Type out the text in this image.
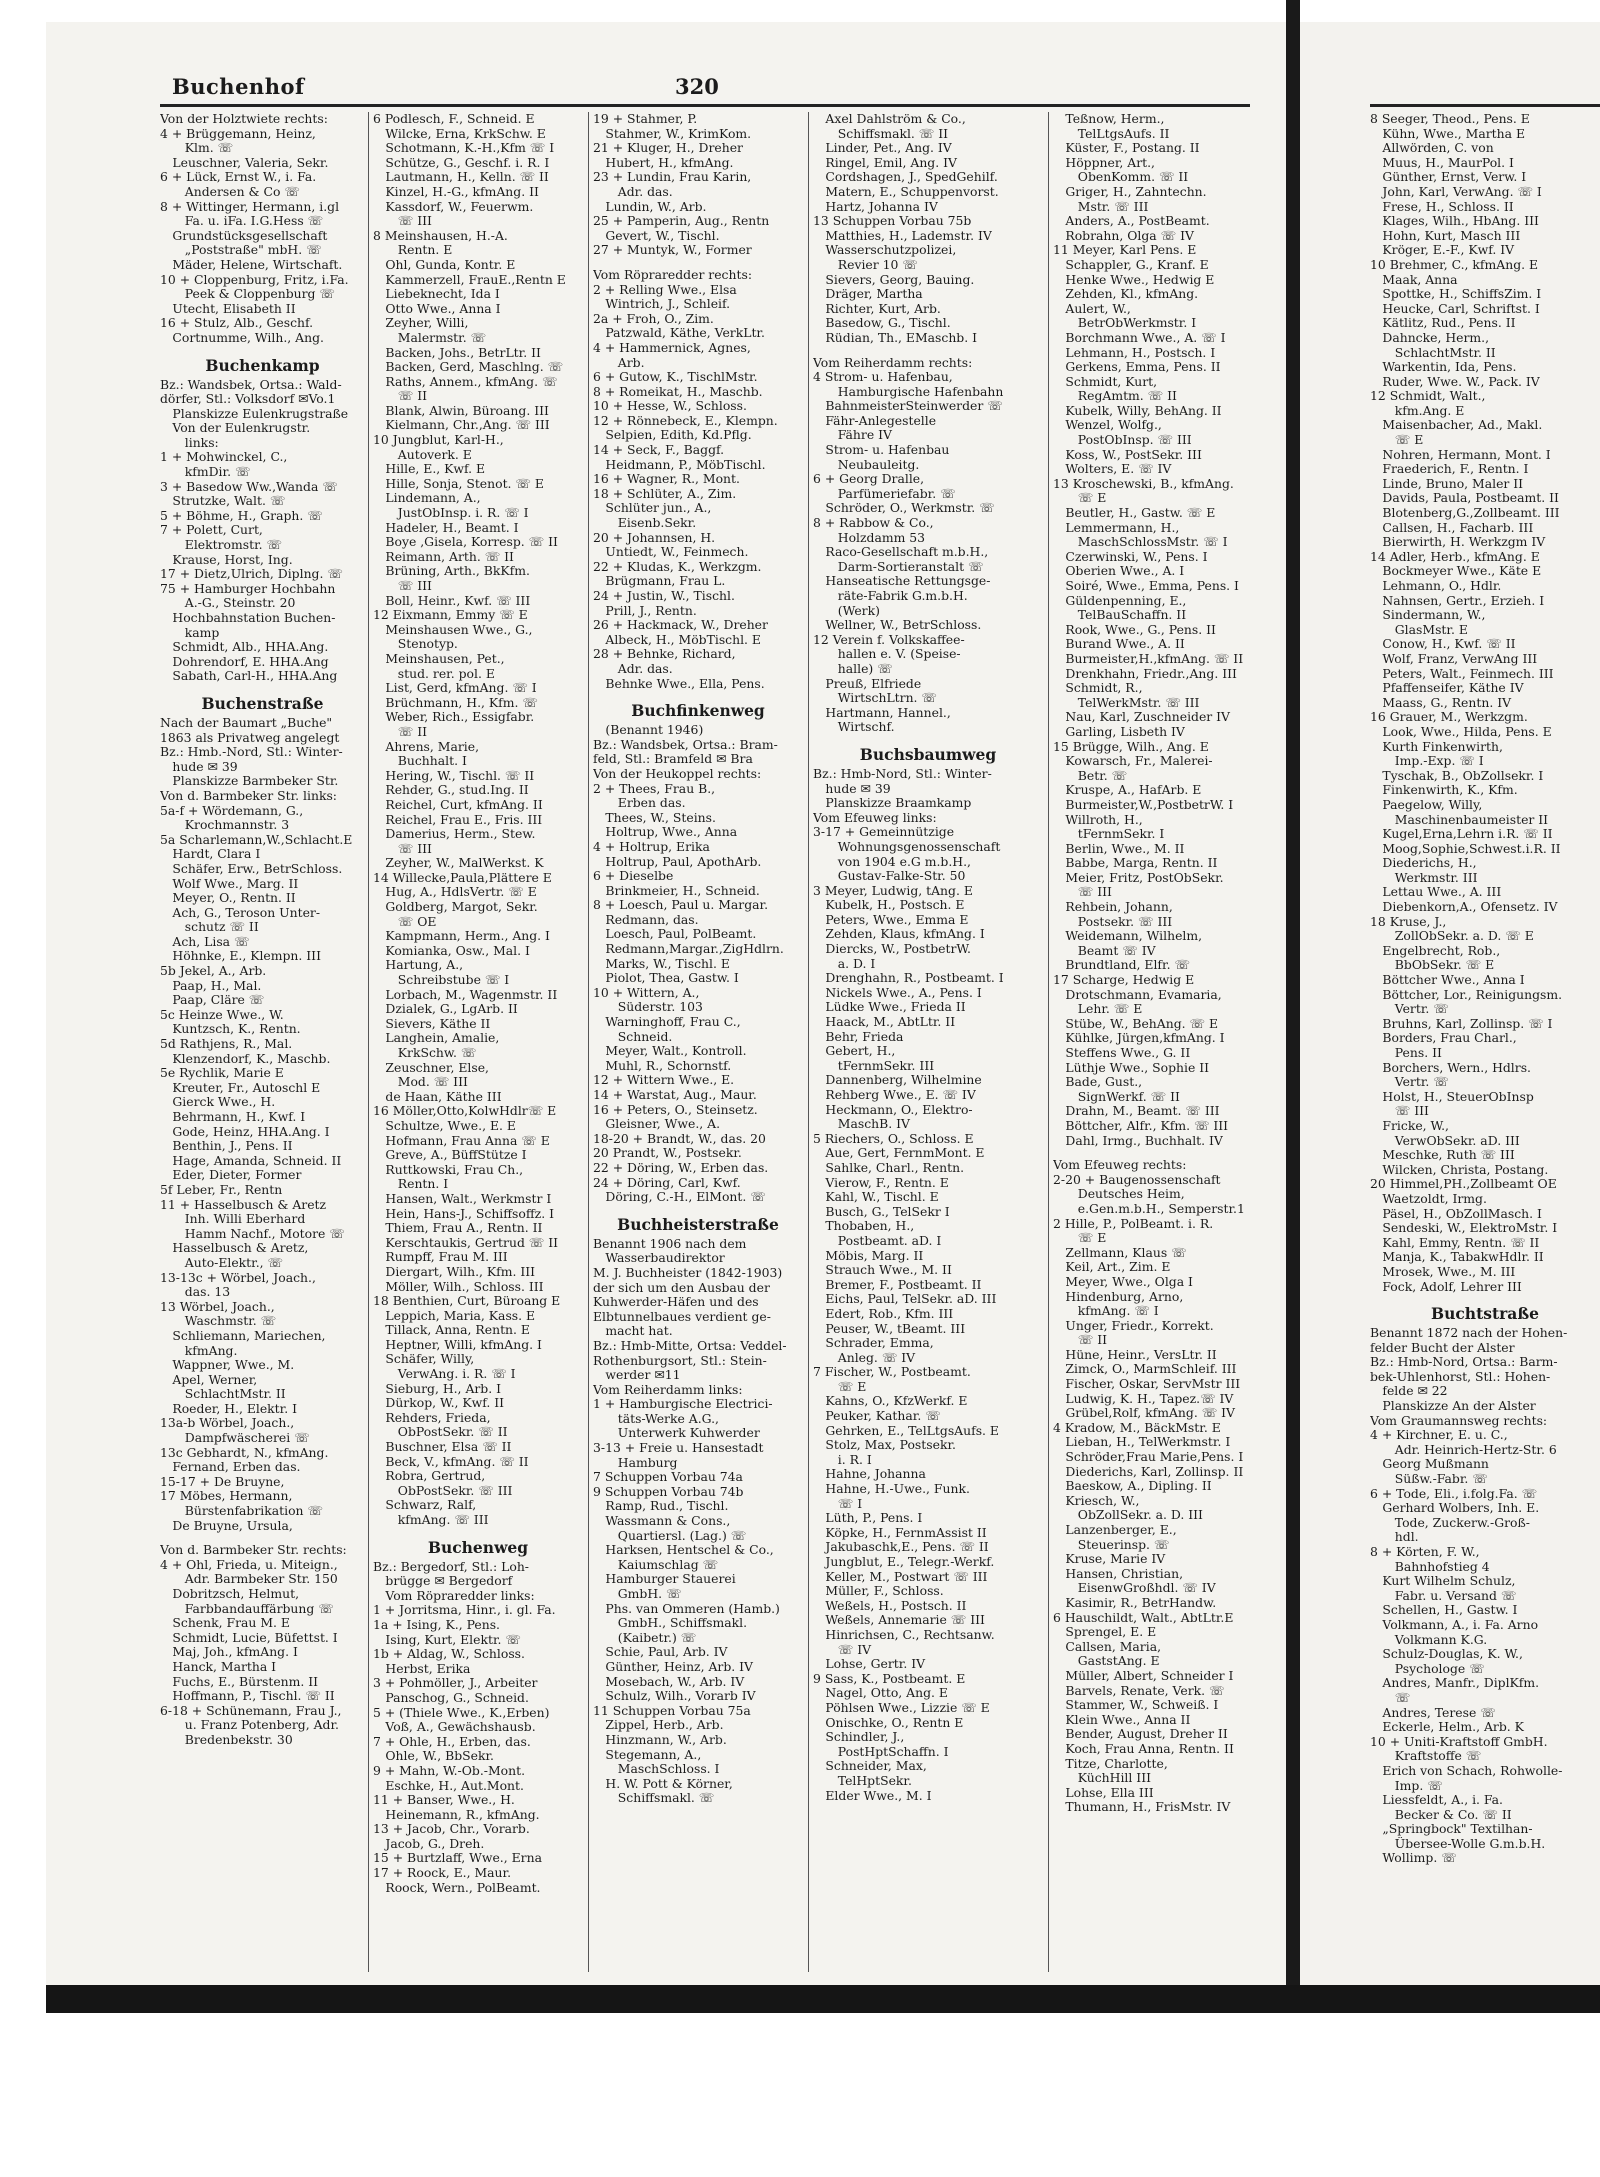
Buchenhof	320
Von der Holztwiete rechts:
4 + Brüggemann, Heinz,
  Klm. ☏
 Leuschner, Valeria, Sekr.
6 + Lück, Ernst W., i. Fa.
  Andersen & Co ☏
8 + Wittinger, Hermann, i.gl
  Fa. u. iFa. I.G.Hess ☏
 Grundstücksgesellschaft
  „Poststraße" mbH. ☏
 Mäder, Helene, Wirtschaft.
10 + Cloppenburg, Fritz, i.Fa.
  Peek & Cloppenburg ☏
 Utecht, Elisabeth II
16 + Stulz, Alb., Geschf.
 Cortnumme, Wilh., Ang.
Buchenkamp
Bz.: Wandsbek, Ortsa.: Wald-
dörfer, Stl.: Volksdorf ✉Vo.1
 Planskizze Eulenkrugstraße
 Von der Eulenkrugstr.
  links:
1 + Mohwinckel, C.,
  kfmDir. ☏
3 + Basedow Ww.,Wanda ☏
 Strutzke, Walt. ☏
5 + Böhme, H., Graph. ☏
7 + Polett, Curt,
  Elektromstr. ☏
 Krause, Horst, Ing.
17 + Dietz,Ulrich, Diplng. ☏
75 + Hamburger Hochbahn
  A.-G., Steinstr. 20
 Hochbahnstation Buchen-
  kamp
 Schmidt, Alb., HHA.Ang.
 Dohrendorf, E. HHA.Ang
 Sabath, Carl-H., HHA.Ang
Buchenstraße
Nach der Baumart „Buche"
1863 als Privatweg angelegt
Bz.: Hmb.-Nord, Stl.: Winter-
 hude ✉ 39
 Planskizze Barmbeker Str.
Von d. Barmbeker Str. links:
5a-f + Wördemann, G.,
  Krochmannstr. 3
5a Scharlemann,W.,Schlacht.E
 Hardt, Clara I
 Schäfer, Erw., BetrSchloss.
 Wolf Wwe., Marg. II
 Meyer, O., Rentn. II
 Ach, G., Teroson Unter-
  schutz ☏ II
 Ach, Lisa ☏
 Höhnke, E., Klempn. III
5b Jekel, A., Arb.
 Paap, H., Mal.
 Paap, Cläre ☏
5c Heinze Wwe., W.
 Kuntzsch, K., Rentn.
5d Rathjens, R., Mal.
 Klenzendorf, K., Maschb.
5e Rychlik, Marie E
 Kreuter, Fr., Autoschl E
 Gierck Wwe., H.
 Behrmann, H., Kwf. I
 Gode, Heinz, HHA.Ang. I
 Benthin, J., Pens. II
 Hage, Amanda, Schneid. II
 Eder, Dieter, Former
5f Leber, Fr., Rentn
11 + Hasselbusch & Aretz
  Inh. Willi Eberhard
  Hamm Nachf., Motore ☏
 Hasselbusch & Aretz,
  Auto-Elektr., ☏
13-13c + Wörbel, Joach.,
  das. 13
13 Wörbel, Joach.,
  Waschmstr. ☏
 Schliemann, Mariechen,
  kfmAng.
 Wappner, Wwe., M.
 Apel, Werner,
  SchlachtMstr. II
 Roeder, H., Elektr. I
13a-b Wörbel, Joach.,
  Dampfwäscherei ☏
13c Gebhardt, N., kfmAng.
 Fernand, Erben das.
15-17 + De Bruyne,
17 Möbes, Hermann,
  Bürstenfabrikation ☏
 De Bruyne, Ursula,
Von d. Barmbeker Str. rechts:
4 + Ohl, Frieda, u. Miteign.,
  Adr. Barmbeker Str. 150
 Dobritzsch, Helmut,
  Farbbandauffärbung ☏
 Schenk, Frau M. E
 Schmidt, Lucie, Büfettst. I
 Maj, Joh., kfmAng. I
 Hanck, Martha I
 Fuchs, E., Bürstenm. II
 Hoffmann, P., Tischl. ☏ II
6-18 + Schünemann, Frau J.,
  u. Franz Potenberg, Adr.
  Bredenbekstr. 30
6 Podlesch, F., Schneid. E
 Wilcke, Erna, KrkSchw. E
 Schotmann, K.-H.,Kfm ☏ I
 Schütze, G., Geschf. i. R. I
 Lautmann, H., Kelln. ☏ II
 Kinzel, H.-G., kfmAng. II
 Kassdorf, W., Feuerwm.
  ☏ III
8 Meinshausen, H.-A.
  Rentn. E
 Ohl, Gunda, Kontr. E
 Kammerzell, FrauE.,Rentn E
 Liebeknecht, Ida I
 Otto Wwe., Anna I
 Zeyher, Willi,
  Malermstr. ☏
 Backen, Johs., BetrLtr. II
 Backen, Gerd, Maschlng. ☏
 Raths, Annem., kfmAng. ☏
  ☏ II
 Blank, Alwin, Büroang. III
 Kielmann, Chr.,Ang. ☏ III
10 Jungblut, Karl-H.,
  Autoverk. E
 Hille, E., Kwf. E
 Hille, Sonja, Stenot. ☏ E
 Lindemann, A.,
  JustObInsp. i. R. ☏ I
 Hadeler, H., Beamt. I
 Boye ,Gisela, Korresp. ☏ II
 Reimann, Arth. ☏ II
 Brüning, Arth., BkKfm.
  ☏ III
 Boll, Heinr., Kwf. ☏ III
12 Eixmann, Emmy ☏ E
 Meinshausen Wwe., G.,
  Stenotyp.
 Meinshausen, Pet.,
  stud. rer. pol. E
 List, Gerd, kfmAng. ☏ I
 Brüchmann, H., Kfm. ☏
 Weber, Rich., Essigfabr.
  ☏ II
 Ahrens, Marie,
  Buchhalt. I
 Hering, W., Tischl. ☏ II
 Rehder, G., stud.Ing. II
 Reichel, Curt, kfmAng. II
 Reichel, Frau E., Fris. III
 Damerius, Herm., Stew.
  ☏ III
 Zeyher, W., MalWerkst. K
14 Willecke,Paula,Plättere E
 Hug, A., HdlsVertr. ☏ E
 Goldberg, Margot, Sekr.
  ☏ OE
 Kampmann, Herm., Ang. I
 Komianka, Osw., Mal. I
 Hartung, A.,
  Schreibstube ☏ I
 Lorbach, M., Wagenmstr. II
 Dzialek, G., LgArb. II
 Sievers, Käthe II
 Langhein, Amalie,
  KrkSchw. ☏
 Zeuschner, Else,
  Mod. ☏ III
 de Haan, Käthe III
16 Möller,Otto,KolwHdlr☏ E
 Schultze, Wwe., E. E
 Hofmann, Frau Anna ☏ E
 Greve, A., BüffStütze I
 Ruttkowski, Frau Ch.,
  Rentn. I
 Hansen, Walt., Werkmstr I
 Hein, Hans-J., Schiffsoffz. I
 Thiem, Frau A., Rentn. II
 Kerschtaukis, Gertrud ☏ II
 Rumpff, Frau M. III
 Diergart, Wilh., Kfm. III
 Möller, Wilh., Schloss. III
18 Benthien, Curt, Büroang E
 Leppich, Maria, Kass. E
 Tillack, Anna, Rentn. E
 Heptner, Willi, kfmAng. I
 Schäfer, Willy,
  VerwAng. i. R. ☏ I
 Sieburg, H., Arb. I
 Dürkop, W., Kwf. II
 Rehders, Frieda,
  ObPostSekr. ☏ II
 Buschner, Elsa ☏ II
 Beck, V., kfmAng. ☏ II
 Robra, Gertrud,
  ObPostSekr. ☏ III
 Schwarz, Ralf,
  kfmAng. ☏ III
Buchenweg
Bz.: Bergedorf, Stl.: Loh-
 brügge ✉ Bergedorf
 Vom Röpraredder links:
1 + Jorritsma, Hinr., i. gl. Fa.
1a + Ising, K., Pens.
 Ising, Kurt, Elektr. ☏
1b + Aldag, W., Schloss.
 Herbst, Erika
3 + Pohmöller, J., Arbeiter
 Panschog, G., Schneid.
5 + (Thiele Wwe., K.,Erben)
 Voß, A., Gewächshausb.
7 + Ohle, H., Erben, das.
 Ohle, W., BbSekr.
9 + Mahn, W.-Ob.-Mont.
 Eschke, H., Aut.Mont.
11 + Banser, Wwe., H.
 Heinemann, R., kfmAng.
13 + Jacob, Chr., Vorarb.
 Jacob, G., Dreh.
15 + Burtzlaff, Wwe., Erna
17 + Roock, E., Maur.
 Roock, Wern., PolBeamt.
19 + Stahmer, P.
 Stahmer, W., KrimKom.
21 + Kluger, H., Dreher
 Hubert, H., kfmAng.
23 + Lundin, Frau Karin,
  Adr. das.
 Lundin, W., Arb.
25 + Pamperin, Aug., Rentn
 Gevert, W., Tischl.
27 + Muntyk, W., Former
Vom Röpraredder rechts:
2 + Relling Wwe., Elsa
 Wintrich, J., Schleif.
2a + Froh, O., Zim.
 Patzwald, Käthe, VerkLtr.
4 + Hammernick, Agnes,
  Arb.
6 + Gutow, K., TischlMstr.
8 + Romeikat, H., Maschb.
10 + Hesse, W., Schloss.
12 + Rönnebeck, E., Klempn.
 Selpien, Edith, Kd.Pflg.
14 + Seck, F., Baggf.
 Heidmann, P., MöbTischl.
16 + Wagner, R., Mont.
18 + Schlüter, A., Zim.
 Schlüter jun., A.,
  Eisenb.Sekr.
20 + Johannsen, H.
 Untiedt, W., Feinmech.
22 + Kludas, K., Werkzgm.
 Brügmann, Frau L.
24 + Justin, W., Tischl.
 Prill, J., Rentn.
26 + Hackmack, W., Dreher
 Albeck, H., MöbTischl. E
28 + Behnke, Richard,
  Adr. das.
 Behnke Wwe., Ella, Pens.
Buchfinkenweg
 (Benannt 1946)
Bz.: Wandsbek, Ortsa.: Bram-
feld, Stl.: Bramfeld ✉ Bra
Von der Heukoppel rechts:
2 + Thees, Frau B.,
  Erben das.
 Thees, W., Steins.
 Holtrup, Wwe., Anna
4 + Holtrup, Erika
 Holtrup, Paul, ApothArb.
6 + Dieselbe
 Brinkmeier, H., Schneid.
8 + Loesch, Paul u. Margar.
 Redmann, das.
 Loesch, Paul, PolBeamt.
 Redmann,Margar.,ZigHdlrn.
 Marks, W., Tischl. E
 Piolot, Thea, Gastw. I
10 + Wittern, A.,
  Süderstr. 103
 Warninghoff, Frau C.,
  Schneid.
 Meyer, Walt., Kontroll.
 Muhl, R., Schornstf.
12 + Wittern Wwe., E.
14 + Warstat, Aug., Maur.
16 + Peters, O., Steinsetz.
 Gleisner, Wwe., A.
18-20 + Brandt, W., das. 20
20 Prandt, W., Postsekr.
22 + Döring, W., Erben das.
24 + Döring, Carl, Kwf.
 Döring, C.-H., ElMont. ☏
Buchheisterstraße
Benannt 1906 nach dem
 Wasserbaudirektor
M. J. Buchheister (1842-1903)
der sich um den Ausbau der
Kuhwerder-Häfen und des
Elbtunnelbaues verdient ge-
 macht hat.
Bz.: Hmb-Mitte, Ortsa: Veddel-
Rothenburgsort, Stl.: Stein-
 werder ✉11
Vom Reiherdamm links:
1 + Hamburgische Electrici-
  täts-Werke A.G.,
  Unterwerk Kuhwerder
3-13 + Freie u. Hansestadt
  Hamburg
7 Schuppen Vorbau 74a
9 Schuppen Vorbau 74b
 Ramp, Rud., Tischl.
 Wassmann & Cons.,
  Quartiersl. (Lag.) ☏
 Harksen, Hentschel & Co.,
  Kaiumschlag ☏
 Hamburger Stauerei
  GmbH. ☏
 Phs. van Ommeren (Hamb.)
  GmbH., Schiffsmakl.
  (Kaibetr.) ☏
 Schie, Paul, Arb. IV
 Günther, Heinz, Arb. IV
 Mosebach, W., Arb. IV
 Schulz, Wilh., Vorarb IV
11 Schuppen Vorbau 75a
 Zippel, Herb., Arb.
 Hinzmann, W., Arb.
 Stegemann, A.,
  MaschSchloss. I
 H. W. Pott & Körner,
  Schiffsmakl. ☏
 Axel Dahlström & Co.,
  Schiffsmakl. ☏ II
 Linder, Pet., Ang. IV
 Ringel, Emil, Ang. IV
 Cordshagen, J., SpedGehilf.
 Matern, E., Schuppenvorst.
 Hartz, Johanna IV
13 Schuppen Vorbau 75b
 Matthies, H., Lademstr. IV
 Wasserschutzpolizei,
  Revier 10 ☏
 Sievers, Georg, Bauing.
 Dräger, Martha
 Richter, Kurt, Arb.
 Basedow, G., Tischl.
 Rüdian, Th., EMaschb. I
Vom Reiherdamm rechts:
4 Strom- u. Hafenbau,
  Hamburgische Hafenbahn
 BahnmeisterSteinwerder ☏
 Fähr-Anlegestelle
  Fähre IV
 Strom- u. Hafenbau
  Neubauleitg.
6 + Georg Dralle,
  Parfümeriefabr. ☏
 Schröder, O., Werkmstr. ☏
8 + Rabbow & Co.,
  Holzdamm 53
 Raco-Gesellschaft m.b.H.,
  Darm-Sortieranstalt ☏
 Hanseatische Rettungsge-
  räte-Fabrik G.m.b.H.
  (Werk)
 Wellner, W., BetrSchloss.
12 Verein f. Volkskaffee-
  hallen e. V. (Speise-
  halle) ☏
 Preuß, Elfriede
  WirtschLtrn. ☏
 Hartmann, Hannel.,
  Wirtschf.
Buchsbaumweg
Bz.: Hmb-Nord, Stl.: Winter-
 hude ✉ 39
 Planskizze Braamkamp
Vom Efeuweg links:
3-17 + Gemeinnützige
  Wohnungsgenossenschaft
  von 1904 e.G m.b.H.,
  Gustav-Falke-Str. 50
3 Meyer, Ludwig, tAng. E
 Kubelk, H., Postsch. E
 Peters, Wwe., Emma E
 Zehden, Klaus, kfmAng. I
 Diercks, W., PostbetrW.
  a. D. I
 Drenghahn, R., Postbeamt. I
 Nickels Wwe., A., Pens. I
 Lüdke Wwe., Frieda II
 Haack, M., AbtLtr. II
 Behr, Frieda
 Gebert, H.,
  tFernmSekr. III
 Dannenberg, Wilhelmine
 Rehberg Wwe., E. ☏ IV
 Heckmann, O., Elektro-
  MaschB. IV
5 Riechers, O., Schloss. E
 Aue, Gert, FernmMont. E
 Sahlke, Charl., Rentn.
 Vierow, F., Rentn. E
 Kahl, W., Tischl. E
 Busch, G., TelSekr I
 Thobaben, H.,
  Postbeamt. aD. I
 Möbis, Marg. II
 Strauch Wwe., M. II
 Bremer, F., Postbeamt. II
 Eichs, Paul, TelSekr. aD. III
 Edert, Rob., Kfm. III
 Peuser, W., tBeamt. III
 Schrader, Emma,
  Anleg. ☏ IV
7 Fischer, W., Postbeamt.
  ☏ E
 Kahns, O., KfzWerkf. E
 Peuker, Kathar. ☏
 Gehrken, E., TelLtgsAufs. E
 Stolz, Max, Postsekr.
  i. R. I
 Hahne, Johanna
 Hahne, H.-Uwe., Funk.
  ☏ I
 Lüth, P., Pens. I
 Köpke, H., FernmAssist II
 Jakubaschk,E., Pens. ☏ II
 Jungblut, E., Telegr.-Werkf.
 Keller, M., Postwart ☏ III
 Müller, F., Schloss.
 Weßels, H., Postsch. II
 Weßels, Annemarie ☏ III
 Hinrichsen, C., Rechtsanw.
  ☏ IV
 Lohse, Gertr. IV
9 Sass, K., Postbeamt. E
 Nagel, Otto, Ang. E
 Pöhlsen Wwe., Lizzie ☏ E
 Onischke, O., Rentn E
 Schindler, J.,
  PostHptSchaffn. I
 Schneider, Max,
  TelHptSekr.
 Elder Wwe., M. I
 Teßnow, Herm.,
  TelLtgsAufs. II
 Küster, F., Postang. II
 Höppner, Art.,
  ObenKomm. ☏ II
 Griger, H., Zahntechn.
  Mstr. ☏ III
 Anders, A., PostBeamt.
 Robrahn, Olga ☏ IV
11 Meyer, Karl Pens. E
 Schappler, G., Kranf. E
 Henke Wwe., Hedwig E
 Zehden, Kl., kfmAng.
 Aulert, W.,
  BetrObWerkmstr. I
 Borchmann Wwe., A. ☏ I
 Lehmann, H., Postsch. I
 Gerkens, Emma, Pens. II
 Schmidt, Kurt,
  RegAmtm. ☏ II
 Kubelk, Willy, BehAng. II
 Wenzel, Wolfg.,
  PostObInsp. ☏ III
 Koss, W., PostSekr. III
 Wolters, E. ☏ IV
13 Kroschewski, B., kfmAng.
  ☏ E
 Beutler, H., Gastw. ☏ E
 Lemmermann, H.,
  MaschSchlossMstr. ☏ I
 Czerwinski, W., Pens. I
 Oberien Wwe., A. I
 Soiré, Wwe., Emma, Pens. I
 Güldenpenning, E.,
  TelBauSchaffn. II
 Rook, Wwe., G., Pens. II
 Burand Wwe., A. II
 Burmeister,H.,kfmAng. ☏ II
 Drenkhahn, Friedr.,Ang. III
 Schmidt, R.,
  TelWerkMstr. ☏ III
 Nau, Karl, Zuschneider IV
 Garling, Lisbeth IV
15 Brügge, Wilh., Ang. E
 Kowarsch, Fr., Malerei-
  Betr. ☏
 Kruspe, A., HafArb. E
 Burmeister,W.,PostbetrW. I
 Willroth, H.,
  tFernmSekr. I
 Berlin, Wwe., M. II
 Babbe, Marga, Rentn. II
 Meier, Fritz, PostObSekr.
  ☏ III
 Rehbein, Johann,
  Postsekr. ☏ III
 Weidemann, Wilhelm,
  Beamt ☏ IV
 Brundtland, Elfr. ☏
17 Scharge, Hedwig E
 Drotschmann, Evamaria,
  Lehr. ☏ E
 Stübe, W., BehAng. ☏ E
 Kühlke, Jürgen,kfmAng. I
 Steffens Wwe., G. II
 Lüthje Wwe., Sophie II
 Bade, Gust.,
  SignWerkf. ☏ II
 Drahn, M., Beamt. ☏ III
 Böttcher, Alfr., Kfm. ☏ III
 Dahl, Irmg., Buchhalt. IV
Vom Efeuweg rechts:
2-20 + Baugenossenschaft
  Deutsches Heim,
  e.Gen.m.b.H., Semperstr.1
2 Hille, P., PolBeamt. i. R.
  ☏ E
 Zellmann, Klaus ☏
 Keil, Art., Zim. E
 Meyer, Wwe., Olga I
 Hindenburg, Arno,
  kfmAng. ☏ I
 Unger, Friedr., Korrekt.
  ☏ II
 Hüne, Heinr., VersLtr. II
 Zimck, O., MarmSchleif. III
 Fischer, Oskar, ServMstr III
 Ludwig, K. H., Tapez.☏ IV
 Grübel,Rolf, kfmAng. ☏ IV
4 Kradow, M., BäckMstr. E
 Lieban, H., TelWerkmstr. I
 Schröder,Frau Marie,Pens. I
 Diederichs, Karl, Zollinsp. II
 Baeskow, A., Dipling. II
 Kriesch, W.,
  ObZollSekr. a. D. III
 Lanzenberger, E.,
  Steuerinsp. ☏
 Kruse, Marie IV
 Hansen, Christian,
  EisenwGroßhdl. ☏ IV
 Kasimir, R., BetrHandw.
6 Hauschildt, Walt., AbtLtr.E
 Sprengel, E. E
 Callsen, Maria,
  GaststAng. E
 Müller, Albert, Schneider I
 Barvels, Renate, Verk. ☏
 Stammer, W., Schweiß. I
 Klein Wwe., Anna II
 Bender, August, Dreher II
 Koch, Frau Anna, Rentn. II
 Titze, Charlotte,
  KüchHill III
 Lohse, Ella III
 Thumann, H., FrisMstr. IV
8 Seeger, Theod., Pens. E
 Kühn, Wwe., Martha E
 Allwörden, C. von
 Muus, H., MaurPol. I
 Günther, Ernst, Verw. I
 John, Karl, VerwAng. ☏ I
 Frese, H., Schloss. II
 Klages, Wilh., HbAng. III
 Hohn, Kurt, Masch III
 Kröger, E.-F., Kwf. IV
10 Brehmer, C., kfmAng. E
 Maak, Anna
 Spottke, H., SchiffsZim. I
 Heucke, Carl, Schriftst. I
 Kätlitz, Rud., Pens. II
 Dahncke, Herm.,
  SchlachtMstr. II
 Warkentin, Ida, Pens.
 Ruder, Wwe. W., Pack. IV
12 Schmidt, Walt.,
  kfm.Ang. E
 Maisenbacher, Ad., Makl.
  ☏ E
 Nohren, Hermann, Mont. I
 Fraederich, F., Rentn. I
 Linde, Bruno, Maler II
 Davids, Paula, Postbeamt. II
 Blotenberg,G.,Zollbeamt. III
 Callsen, H., Facharb. III
 Bierwirth, H. Werkzgm IV
14 Adler, Herb., kfmAng. E
 Bockmeyer Wwe., Käte E
 Lehmann, O., Hdlr.
 Nahnsen, Gertr., Erzieh. I
 Sindermann, W.,
  GlasMstr. E
 Conow, H., Kwf. ☏ II
 Wolf, Franz, VerwAng III
 Peters, Walt., Feinmech. III
 Pfaffenseifer, Käthe IV
 Maass, G., Rentn. IV
16 Grauer, M., Werkzgm.
 Look, Wwe., Hilda, Pens. E
 Kurth Finkenwirth,
  Imp.-Exp. ☏ I
 Tyschak, B., ObZollsekr. I
 Finkenwirth, K., Kfm.
 Paegelow, Willy,
  Maschinenbaumeister II
 Kugel,Erna,Lehrn i.R. ☏ II
 Moog,Sophie,Schwest.i.R. II
 Diederichs, H.,
  Werkmstr. III
 Lettau Wwe., A. III
 Diebenkorn,A., Ofensetz. IV
18 Kruse, J.,
  ZollObSekr. a. D. ☏ E
 Engelbrecht, Rob.,
  BbObSekr. ☏ E
 Böttcher Wwe., Anna I
 Böttcher, Lor., Reinigungsm.
  Vertr. ☏
 Bruhns, Karl, Zollinsp. ☏ I
 Borders, Frau Charl.,
  Pens. II
 Borchers, Wern., Hdlrs.
  Vertr. ☏
 Holst, H., SteuerObInsp
  ☏ III
 Fricke, W.,
  VerwObSekr. aD. III
 Meschke, Ruth ☏ III
 Wilcken, Christa, Postang.
20 Himmel,PH.,Zollbeamt OE
 Waetzoldt, Irmg.
 Päsel, H., ObZollMasch. I
 Sendeski, W., ElektroMstr. I
 Kahl, Emmy, Rentn. ☏ II
 Manja, K., TabakwHdlr. II
 Mrosek, Wwe., M. III
 Fock, Adolf, Lehrer III
Buchtstraße
Benannt 1872 nach der Hohen-
felder Bucht der Alster
Bz.: Hmb-Nord, Ortsa.: Barm-
bek-Uhlenhorst, Stl.: Hohen-
 felde ✉ 22
 Planskizze An der Alster
Vom Graumannsweg rechts:
4 + Kirchner, E. u. C.,
  Adr. Heinrich-Hertz-Str. 6
 Georg Mußmann
  Süßw.-Fabr. ☏
6 + Tode, Eli., i.folg.Fa. ☏
 Gerhard Wolbers, Inh. E.
  Tode, Zuckerw.-Groß-
  hdl.
8 + Körten, F. W.,
  Bahnhofstieg 4
 Kurt Wilhelm Schulz,
  Fabr. u. Versand ☏
 Schellen, H., Gastw. I
 Volkmann, A., i. Fa. Arno
  Volkmann K.G.
 Schulz-Douglas, K. W.,
  Psychologe ☏
 Andres, Manfr., DiplKfm.
  ☏
 Andres, Terese ☏
 Eckerle, Helm., Arb. K
10 + Uniti-Kraftstoff GmbH.
  Kraftstoffe ☏
 Erich von Schach, Rohwolle-
  Imp. ☏
 Liessfeldt, A., i. Fa.
  Becker & Co. ☏ II
 „Springbock" Textilhan-
  Übersee-Wolle G.m.b.H.
 Wollimp. ☏
